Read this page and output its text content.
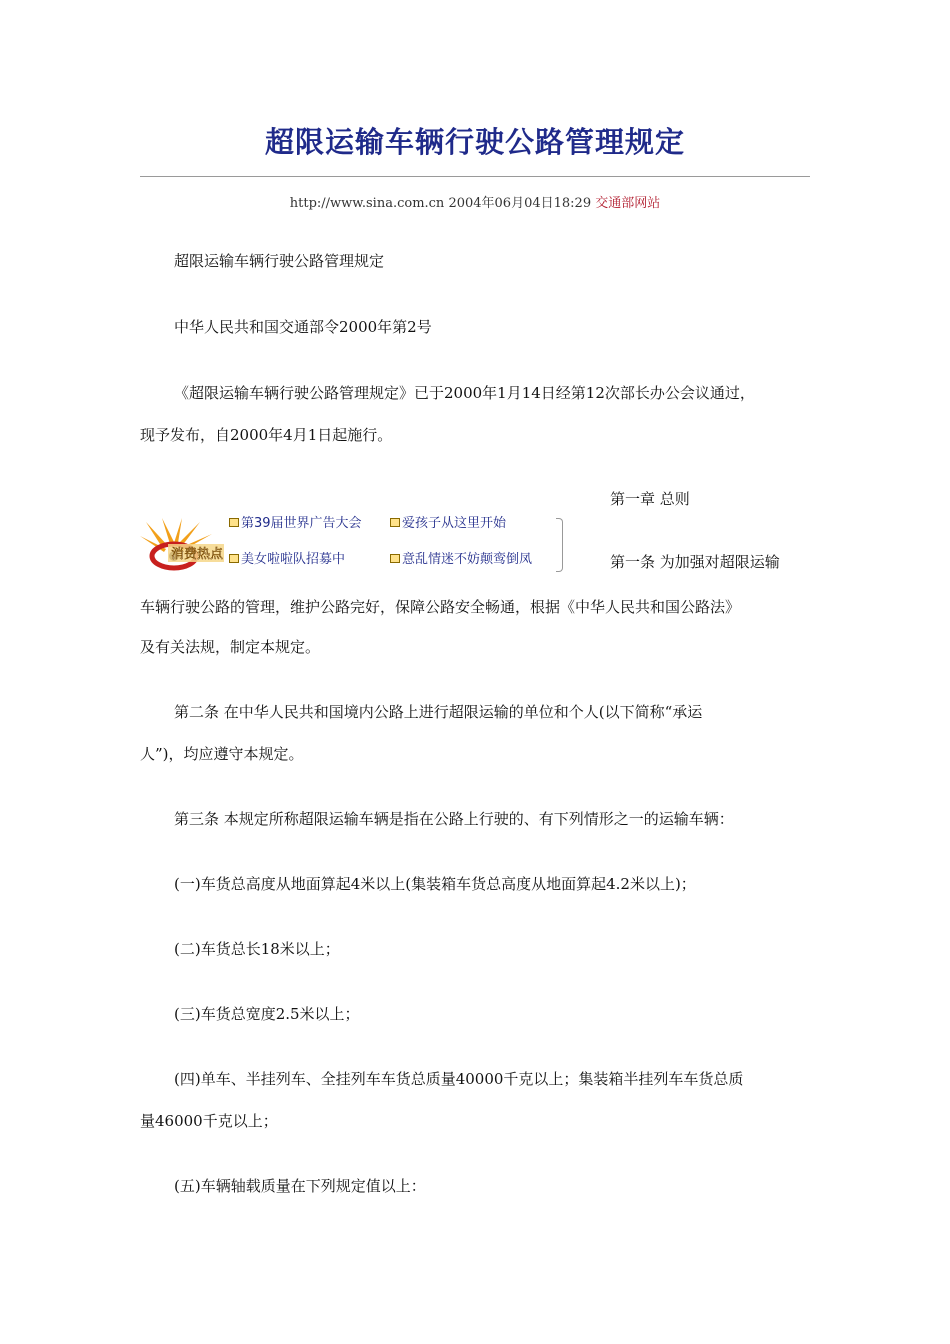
超限运输车辆行驶公路管理规定
http://www.sina.com.cn 2004年06月04日18:29 交通部网站

超限运输车辆行驶公路管理规定

中华人民共和国交通部令2000年第2号

《超限运输车辆行驶公路管理规定》已于2000年1月14日经第12次部长办公会议通过，

现予发布，自2000年4月1日起施行。

第一章 总则

第一条 为加强对超限运输

车辆行驶公路的管理，维护公路完好，保障公路安全畅通，根据《中华人民共和国公路法》

及有关法规，制定本规定。

第二条 在中华人民共和国境内公路上进行超限运输的单位和个人(以下简称“承运

人”)，均应遵守本规定。

第三条 本规定所称超限运输车辆是指在公路上行驶的、有下列情形之一的运输车辆：

(一)车货总高度从地面算起4米以上(集装箱车货总高度从地面算起4.2米以上)；

(二)车货总长18米以上；

(三)车货总宽度2.5米以上；

(四)单车、半挂列车、全挂列车车货总质量40000千克以上；集装箱半挂列车车货总质

量46000千克以上；

(五)车辆轴载质量在下列规定值以上：

消费热点
第39届世界广告大会	爱孩子从这里开始
美女啦啦队招募中	意乱情迷不妨颠鸾倒凤
